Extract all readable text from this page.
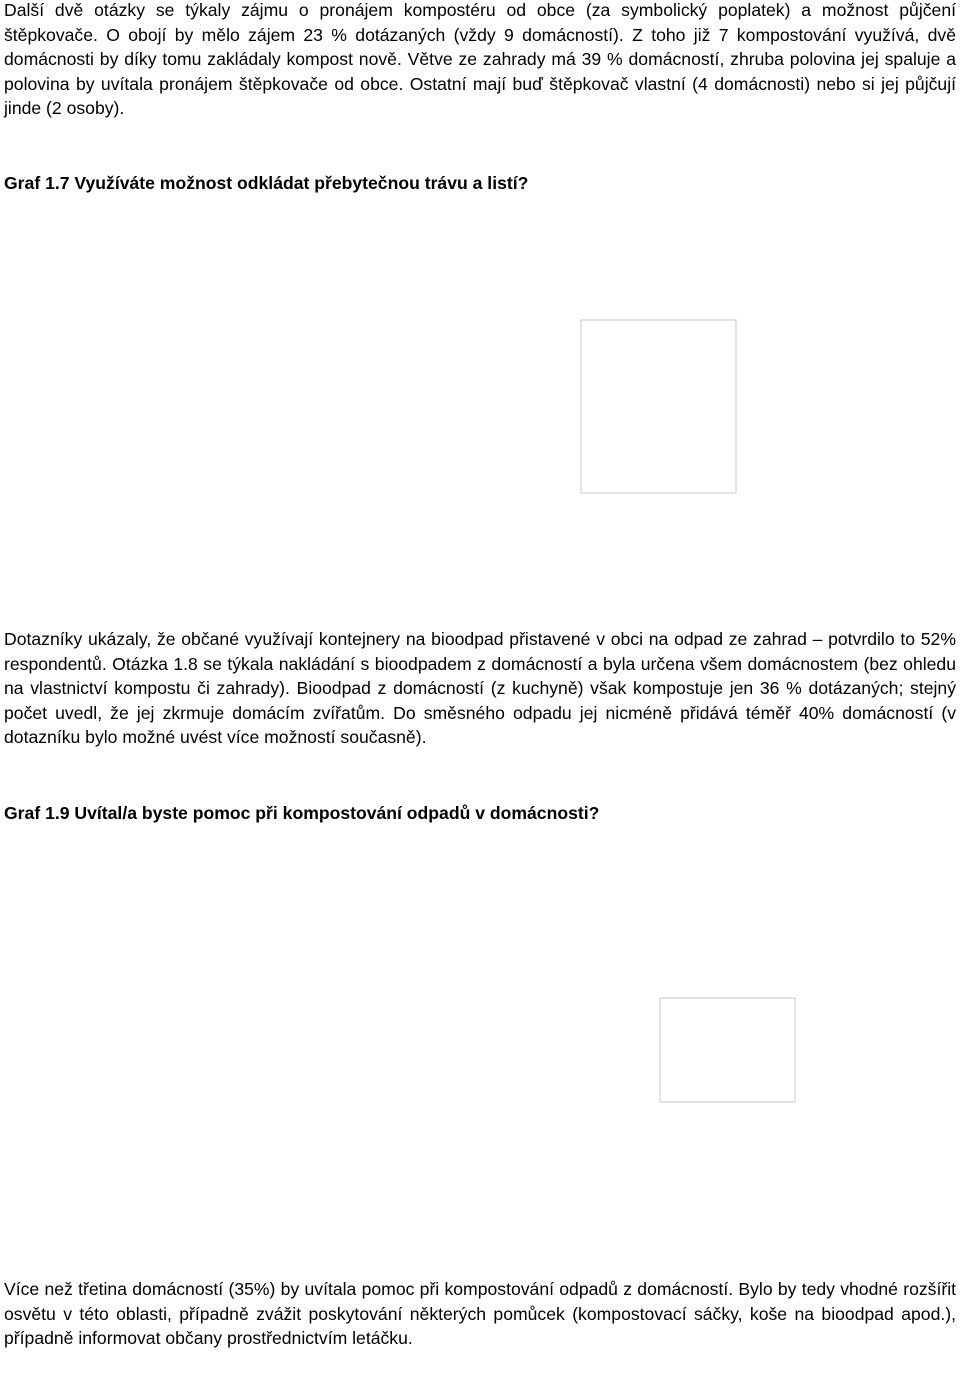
Další dvě otázky se týkaly zájmu o pronájem kompostéru od obce (za symbolický poplatek) a možnost půjčení štěpkovače. O obojí by mělo zájem 23 % dotázaných (vždy 9 domácností). Z toho již 7 kompostování využívá, dvě domácnosti by díky tomu zakládaly kompost nově. Větve ze zahrady má 39 % domácností, zhruba polovina jej spaluje a polovina by uvítala pronájem štěpkovače od obce. Ostatní mají buď štěpkovač vlastní (4 domácnosti) nebo si jej půjčují jinde (2 osoby).

Graf 1.7 Využíváte možnost odkládat přebytečnou trávu a listí?

Dotazníky ukázaly, že občané využívají kontejnery na bioodpad přistavené v obci na odpad ze zahrad – potvrdilo to 52% respondentů. Otázka 1.8 se týkala nakládání s bioodpadem z domácností a byla určena všem domácnostem (bez ohledu na vlastnictví kompostu či zahrady). Bioodpad z domácností (z kuchyně) však kompostuje jen 36 % dotázaných; stejný počet uvedl, že jej zkrmuje domácím zvířatům. Do směsného odpadu jej nicméně přidává téměř 40% domácností (v dotazníku bylo možné uvést více možností současně).

Graf 1.9 Uvítal/a byste pomoc při kompostování odpadů v domácnosti?

Více než třetina domácností (35%) by uvítala pomoc při kompostování odpadů z domácností. Bylo by tedy vhodné rozšířit osvětu v této oblasti, případně zvážit poskytování některých pomůcek (kompostovací sáčky, koše na bioodpad apod.), případně informovat občany prostřednictvím letáčku.
